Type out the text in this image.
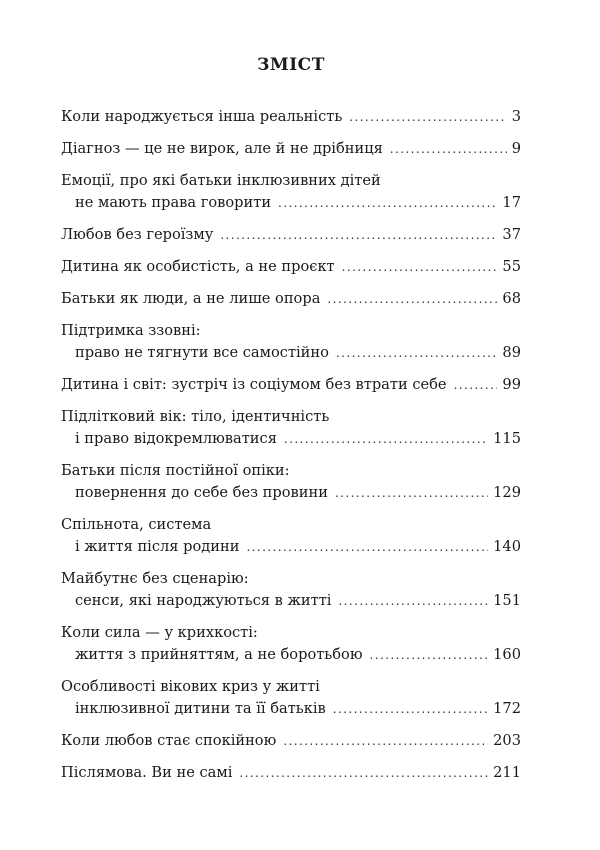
ЗМІСТ
Коли народжується інша реальність .....	3
Діагноз — це не вирок, але й не дрібниця .....	9
Емоції, про які батьки інклюзивних дітей
не мають права говорити .....	17
Любов без героїзму .....	37
Дитина як особистість, а не проєкт .....	55
Батьки як люди, а не лише опора .....	68
Підтримка ззовні:
право не тягнути все самостійно .....	89
Дитина і світ: зустріч із соціумом без втрати себе .....	99
Підлітковий вік: тіло, ідентичність
і право відокремлюватися .....	115
Батьки після постійної опіки:
повернення до себе без провини .....	129
Спільнота, система
і життя після родини .....	140
Майбутнє без сценарію:
сенси, які народжуються в житті .....	151
Коли сила — у крихкості:
життя з прийняттям, а не боротьбою .....	160
Особливості вікових криз у житті
інклюзивної дитини та її батьків .....	172
Коли любов стає спокійною .....	203
Післямова. Ви не самі .....	211
